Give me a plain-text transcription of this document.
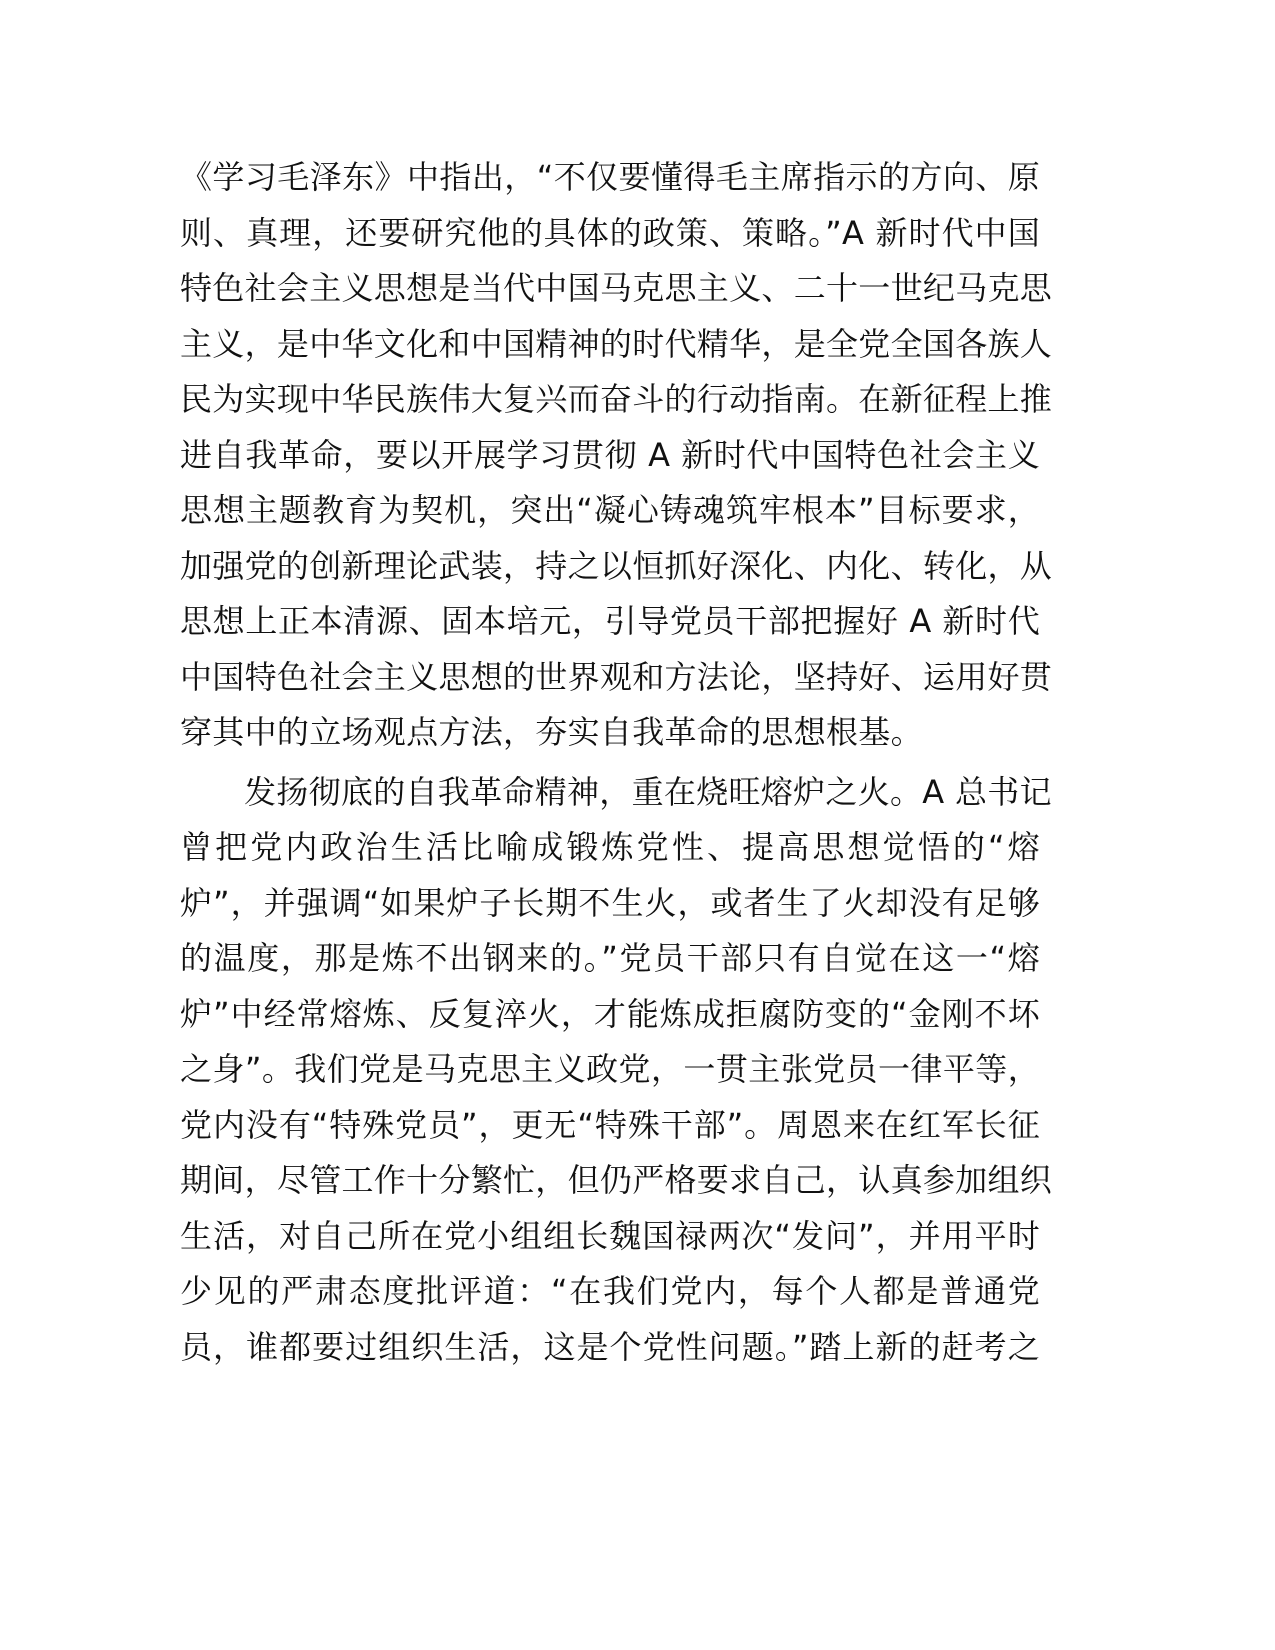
《学习毛泽东》中指出，“不仅要懂得毛主席指示的方向、原
则、真理，还要研究他的具体的政策、策略。”A 新时代中国
特色社会主义思想是当代中国马克思主义、二十一世纪马克思
主义，是中华文化和中国精神的时代精华，是全党全国各族人
民为实现中华民族伟大复兴而奋斗的行动指南。在新征程上推
进自我革命，要以开展学习贯彻 A 新时代中国特色社会主义
思想主题教育为契机，突出“凝心铸魂筑牢根本”目标要求，
加强党的创新理论武装，持之以恒抓好深化、内化、转化，从
思想上正本清源、固本培元，引导党员干部把握好 A 新时代
中国特色社会主义思想的世界观和方法论，坚持好、运用好贯
穿其中的立场观点方法，夯实自我革命的思想根基。
发扬彻底的自我革命精神，重在烧旺熔炉之火。A 总书记
曾把党内政治生活比喻成锻炼党性、提高思想觉悟的“熔
炉”，并强调“如果炉子长期不生火，或者生了火却没有足够
的温度，那是炼不出钢来的。”党员干部只有自觉在这一“熔
炉”中经常熔炼、反复淬火，才能炼成拒腐防变的“金刚不坏
之身”。我们党是马克思主义政党，一贯主张党员一律平等，
党内没有“特殊党员”，更无“特殊干部”。周恩来在红军长征
期间，尽管工作十分繁忙，但仍严格要求自己，认真参加组织
生活，对自己所在党小组组长魏国禄两次“发问”，并用平时
少见的严肃态度批评道：“在我们党内，每个人都是普通党
员，谁都要过组织生活，这是个党性问题。”踏上新的赶考之
